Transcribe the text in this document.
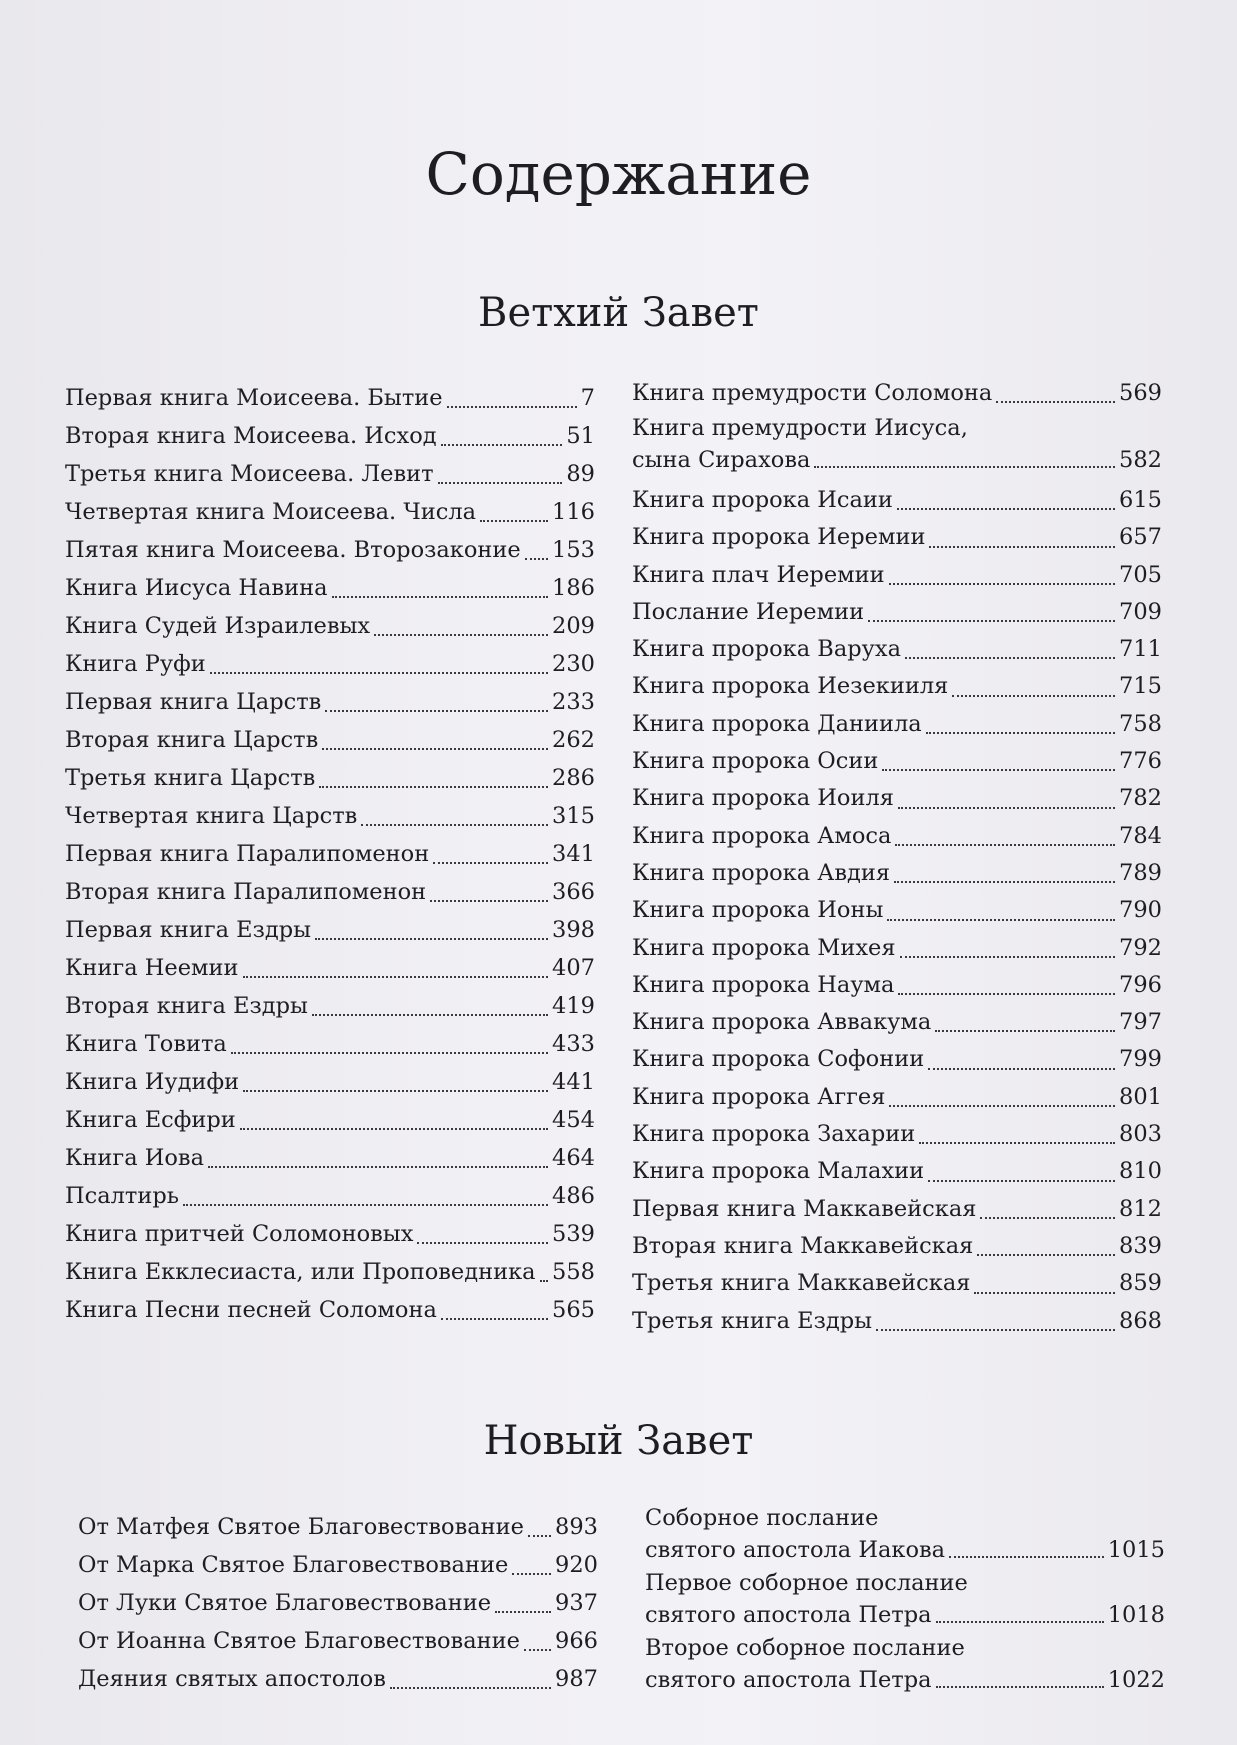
Содержание
Ветхий Завет
Первая книга Моисеева. Бытие	7
Вторая книга Моисеева. Исход	51
Третья книга Моисеева. Левит	89
Четвертая книга Моисеева. Числа	116
Пятая книга Моисеева. Второзаконие 153
Книга Иисуса Навина	186
Книга Судей Израилевых	209
Книга Руфи	230
Первая книга Царств	233
Вторая книга Царств	262
Третья книга Царств	286
Четвертая книга Царств	315
Первая книга Паралипоменон	341
Вторая книга Паралипоменон	366
Первая книга Ездры	398
Книга Неемии	407
Вторая книга Ездры	419
Книга Товита	433
Книга Иудифи	441
Книга Есфири	454
Книга Иова	464
Псалтирь	486
Книга притчей Соломоновых	539
Книга Екклесиаста, или Проповедника 558
Книга Песни песней Соломона	565
Книга премудрости Соломона	569
Книга премудрости Иисуса,
сына Сирахова	582
Книга пророка Исаии	615
Книга пророка Иеремии	657
Книга плач Иеремии	705
Послание Иеремии	709
Книга пророка Варуха	711
Книга пророка Иезекииля	715
Книга пророка Даниила	758
Книга пророка Осии	776
Книга пророка Иоиля	782
Книга пророка Амоса	784
Книга пророка Авдия	789
Книга пророка Ионы	790
Книга пророка Михея	792
Книга пророка Наума	796
Книга пророка Аввакума	797
Книга пророка Софонии	799
Книга пророка Аггея	801
Книга пророка Захарии	803
Книга пророка Малахии	810
Первая книга Маккавейская	812
Вторая книга Маккавейская	839
Третья книга Маккавейская	859
Третья книга Ездры	868
Новый Завет
От Матфея Святое Благовествование 893
От Марка Святое Благовествование 920
От Луки Святое Благовествование	937
От Иоанна Святое Благовествование 966
Деяния святых апостолов	987
Соборное послание
святого апостола Иакова	1015
Первое соборное послание
святого апостола Петра	1018
Второе соборное послание
святого апостола Петра	1022
